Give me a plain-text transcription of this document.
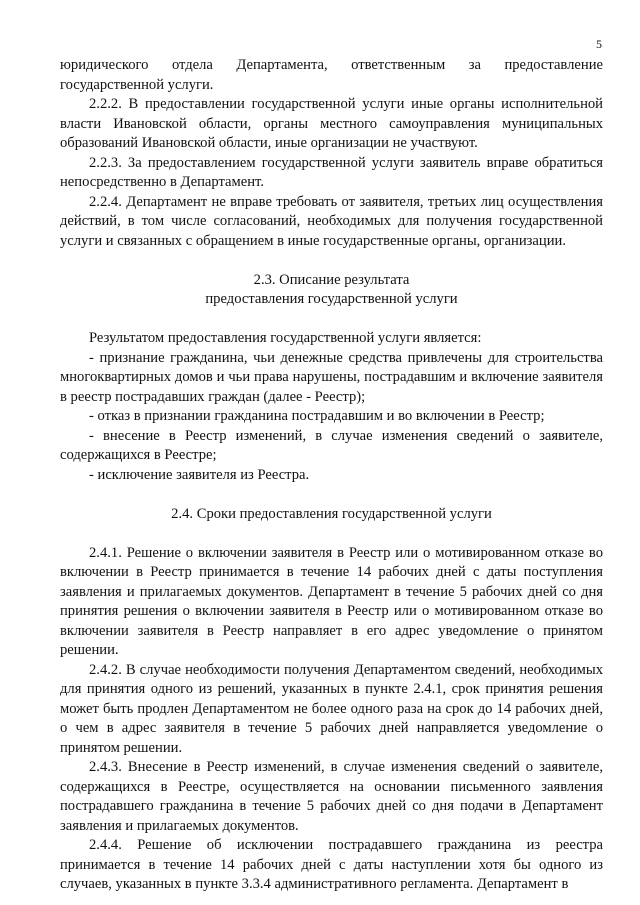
5

юридического отдела Департамента, ответственным за предоставление государственной услуги.

2.2.2. В предоставлении государственной услуги иные органы исполнительной власти Ивановской области, органы местного самоуправления муниципальных образований Ивановской области, иные организации не участвуют.

2.2.3. За предоставлением государственной услуги заявитель вправе обратиться непосредственно в Департамент.

2.2.4. Департамент не вправе требовать от заявителя, третьих лиц осуществления действий, в том числе согласований, необходимых для получения государственной услуги и связанных с обращением в иные государственные органы, организации.

2.3. Описание результата

предоставления государственной услуги

Результатом предоставления государственной услуги является:

- признание гражданина, чьи денежные средства привлечены для строительства многоквартирных домов и чьи права нарушены, пострадавшим и включение заявителя в реестр пострадавших граждан (далее - Реестр);

- отказ в признании гражданина пострадавшим и во включении в Реестр;

- внесение в Реестр изменений, в случае изменения сведений о заявителе, содержащихся в Реестре;

- исключение заявителя из Реестра.

2.4. Сроки предоставления государственной услуги

2.4.1. Решение о включении заявителя в Реестр или о мотивированном отказе во включении в Реестр принимается в течение 14 рабочих дней с даты поступления заявления и прилагаемых документов. Департамент в течение 5 рабочих дней со дня принятия решения о включении заявителя в Реестр или о мотивированном отказе во включении заявителя в Реестр направляет в его адрес уведомление о принятом решении.

2.4.2. В случае необходимости получения Департаментом сведений, необходимых для принятия одного из решений, указанных в пункте 2.4.1, срок принятия решения может быть продлен Департаментом не более одного раза на срок до 14 рабочих дней, о чем в адрес заявителя в течение 5 рабочих дней направляется уведомление о принятом решении.

2.4.3. Внесение в Реестр изменений, в случае изменения сведений о заявителе, содержащихся в Реестре, осуществляется на основании письменного заявления пострадавшего гражданина в течение 5 рабочих дней со дня подачи в Департамент заявления и прилагаемых документов.

2.4.4. Решение об исключении пострадавшего гражданина из реестра принимается в течение 14 рабочих дней с даты наступлении хотя бы одного из случаев, указанных в пункте 3.3.4 административного регламента. Департамент в
